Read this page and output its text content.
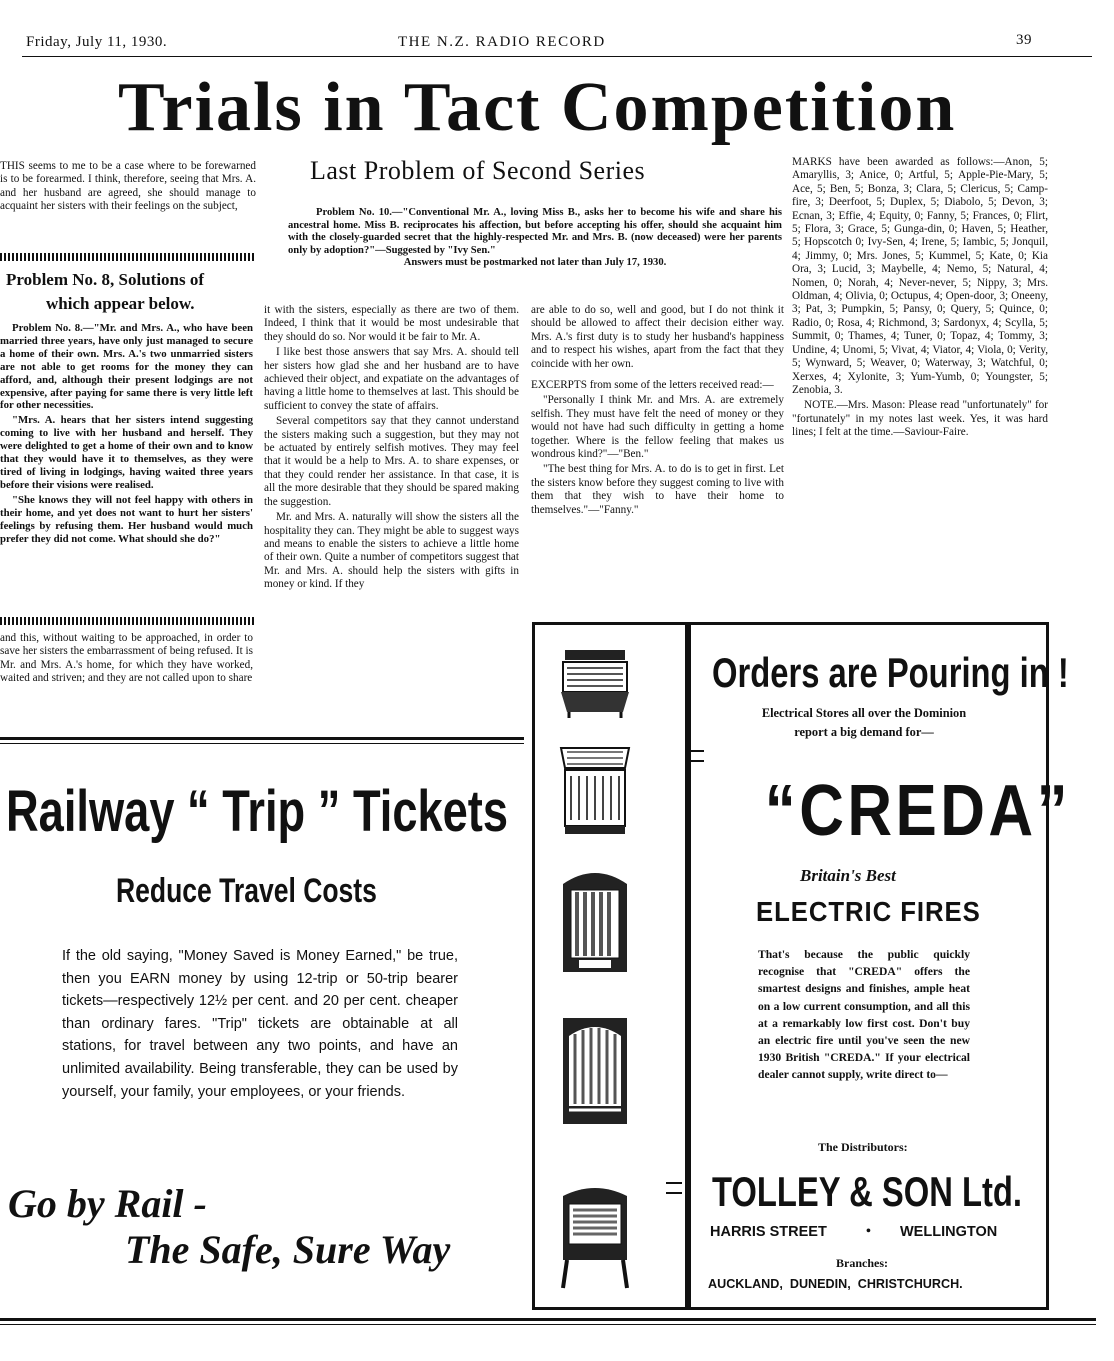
Friday, July 11, 1930.	THE N.Z. RADIO RECORD	39
Trials in Tact Competition

THIS seems to me to be a case where to be forewarned is to be forearmed. I think, therefore, seeing that Mrs. A. and her husband are agreed, she should manage to acquaint her sisters with their feelings on the subject,

Problem No. 8, Solutions of
which appear below.

Problem No. 8.—"Mr. and Mrs. A., who have been married three years, have only just managed to secure a home of their own. Mrs. A.'s two unmarried sisters are not able to get rooms for the money they can afford, and, although their present lodgings are not expensive, after paying for same there is very little left for other necessities.

"Mrs. A. hears that her sisters intend suggesting coming to live with her husband and herself. They were delighted to get a home of their own and to know that they would have it to themselves, as they were tired of living in lodgings, having waited three years before their visions were realised.

"She knows they will not feel happy with others in their home, and yet does not want to hurt her sisters' feelings by refusing them. Her husband would much prefer they did not come. What should she do?"

and this, without waiting to be approached, in order to save her sisters the embarrassment of being refused. It is Mr. and Mrs. A.'s home, for which they have worked, waited and striven; and they are not called upon to share

Last Problem of Second Series
Problem No. 10.—"Conventional Mr. A., loving Miss B., asks her to become his wife and share his ancestral home. Miss B. reciprocates his affection, but before accepting his offer, should she acquaint him with the closely-guarded secret that the highly-respected Mr. and Mrs. B. (now deceased) were her parents only by adoption?"—Suggested by "Ivy Sen."
Answers must be postmarked not later than July 17, 1930.

it with the sisters, especially as there are two of them. Indeed, I think that it would be most undesirable that they should do so. Nor would it be fair to Mr. A.

I like best those answers that say Mrs. A. should tell her sisters how glad she and her husband are to have achieved their object, and expatiate on the advantages of having a little home to themselves at last. This should be sufficient to convey the state of affairs.

Several competitors say that they cannot understand the sisters making such a suggestion, but they may not be actuated by entirely selfish motives. They may feel that it would be a help to Mrs. A. to share expenses, or that they could render her assistance. In that case, it is all the more desirable that they should be spared making the suggestion.

Mr. and Mrs. A. naturally will show the sisters all the hospitality they can. They might be able to suggest ways and means to enable the sisters to achieve a little home of their own. Quite a number of competitors suggest that Mr. and Mrs. A. should help the sisters with gifts in money or kind. If they

are able to do so, well and good, but I do not think it should be allowed to affect their decision either way. Mrs. A.'s first duty is to study her husband's happiness and to respect his wishes, apart from the fact that they coincide with her own.

EXCERPTS from some of the letters received read:—

"Personally I think Mr. and Mrs. A. are extremely selfish. They must have felt the need of money or they would not have had such difficulty in getting a home together. Where is the fellow feeling that makes us wondrous kind?"—"Ben."

"The best thing for Mrs. A. to do is to get in first. Let the sisters know before they suggest coming to live with them that they wish to have their home to themselves."—"Fanny."

MARKS have been awarded as follows:—Anon, 5; Amaryllis, 3; Anice, 0; Artful, 5; Apple-Pie-Mary, 5; Ace, 5; Ben, 5; Bonza, 3; Clara, 5; Clericus, 5; Camp-fire, 3; Deerfoot, 5; Duplex, 5; Diabolo, 5; Devon, 3; Ecnan, 3; Effie, 4; Equity, 0; Fanny, 5; Frances, 0; Flirt, 5; Flora, 3; Grace, 5; Gunga-din, 0; Haven, 5; Heather, 5; Hopscotch 0; Ivy-Sen, 4; Irene, 5; Iambic, 5; Jonquil, 4; Jimmy, 0; Mrs. Jones, 5; Kummel, 5; Kate, 0; Kia Ora, 3; Lucid, 3; Maybelle, 4; Nemo, 5; Natural, 4; Nomen, 0; Norah, 4; Never-never, 5; Nippy, 3; Mrs. Oldman, 4; Olivia, 0; Octupus, 4; Open-door, 3; Oneeny, 3; Pat, 3; Pumpkin, 5; Pansy, 0; Query, 5; Quince, 0; Radio, 0; Rosa, 4; Richmond, 3; Sardonyx, 4; Scylla, 5; Summit, 0; Thames, 4; Tuner, 0; Topaz, 4; Tommy, 3; Undine, 4; Unomi, 5; Vivat, 4; Viator, 4; Viola, 0; Verity, 5; Wynward, 5; Weaver, 0; Waterway, 3; Watchful, 0; Xerxes, 4; Xylonite, 3; Yum-Yumb, 0; Youngster, 5; Zenobia, 3.

NOTE.—Mrs. Mason: Please read "unfortunately" for "fortunately" in my notes last week. Yes, it was hard lines; I felt at the time.—Saviour-Faire.

Railway “ Trip ” Tickets
Reduce Travel Costs
If the old saying, "Money Saved is Money Earned," be true, then you EARN money by using 12-trip or 50-trip bearer tickets—respectively 12½ per cent. and 20 per cent. cheaper than ordinary fares. "Trip" tickets are obtainable at all stations, for travel between any two points, and have an unlimited availability. Being transferable, they can be used by yourself, your family, your employees, or your friends.
Go by Rail -
The Safe, Sure Way
Orders are Pouring in !
Electrical Stores all over the Dominion report a big demand for—
“CREDA”
Britain's Best
ELECTRIC FIRES
That's because the public quickly recognise that "CREDA" offers the smartest designs and finishes, ample heat on a low current consumption, and all this at a remarkably low first cost. Don't buy an electric fire until you've seen the new 1930 British "CREDA." If your electrical dealer cannot supply, write direct to—
The Distributors:
TOLLEY & SON Ltd.
HARRIS STREET	• WELLINGTON
Branches:
AUCKLAND,  DUNEDIN,  CHRISTCHURCH.
